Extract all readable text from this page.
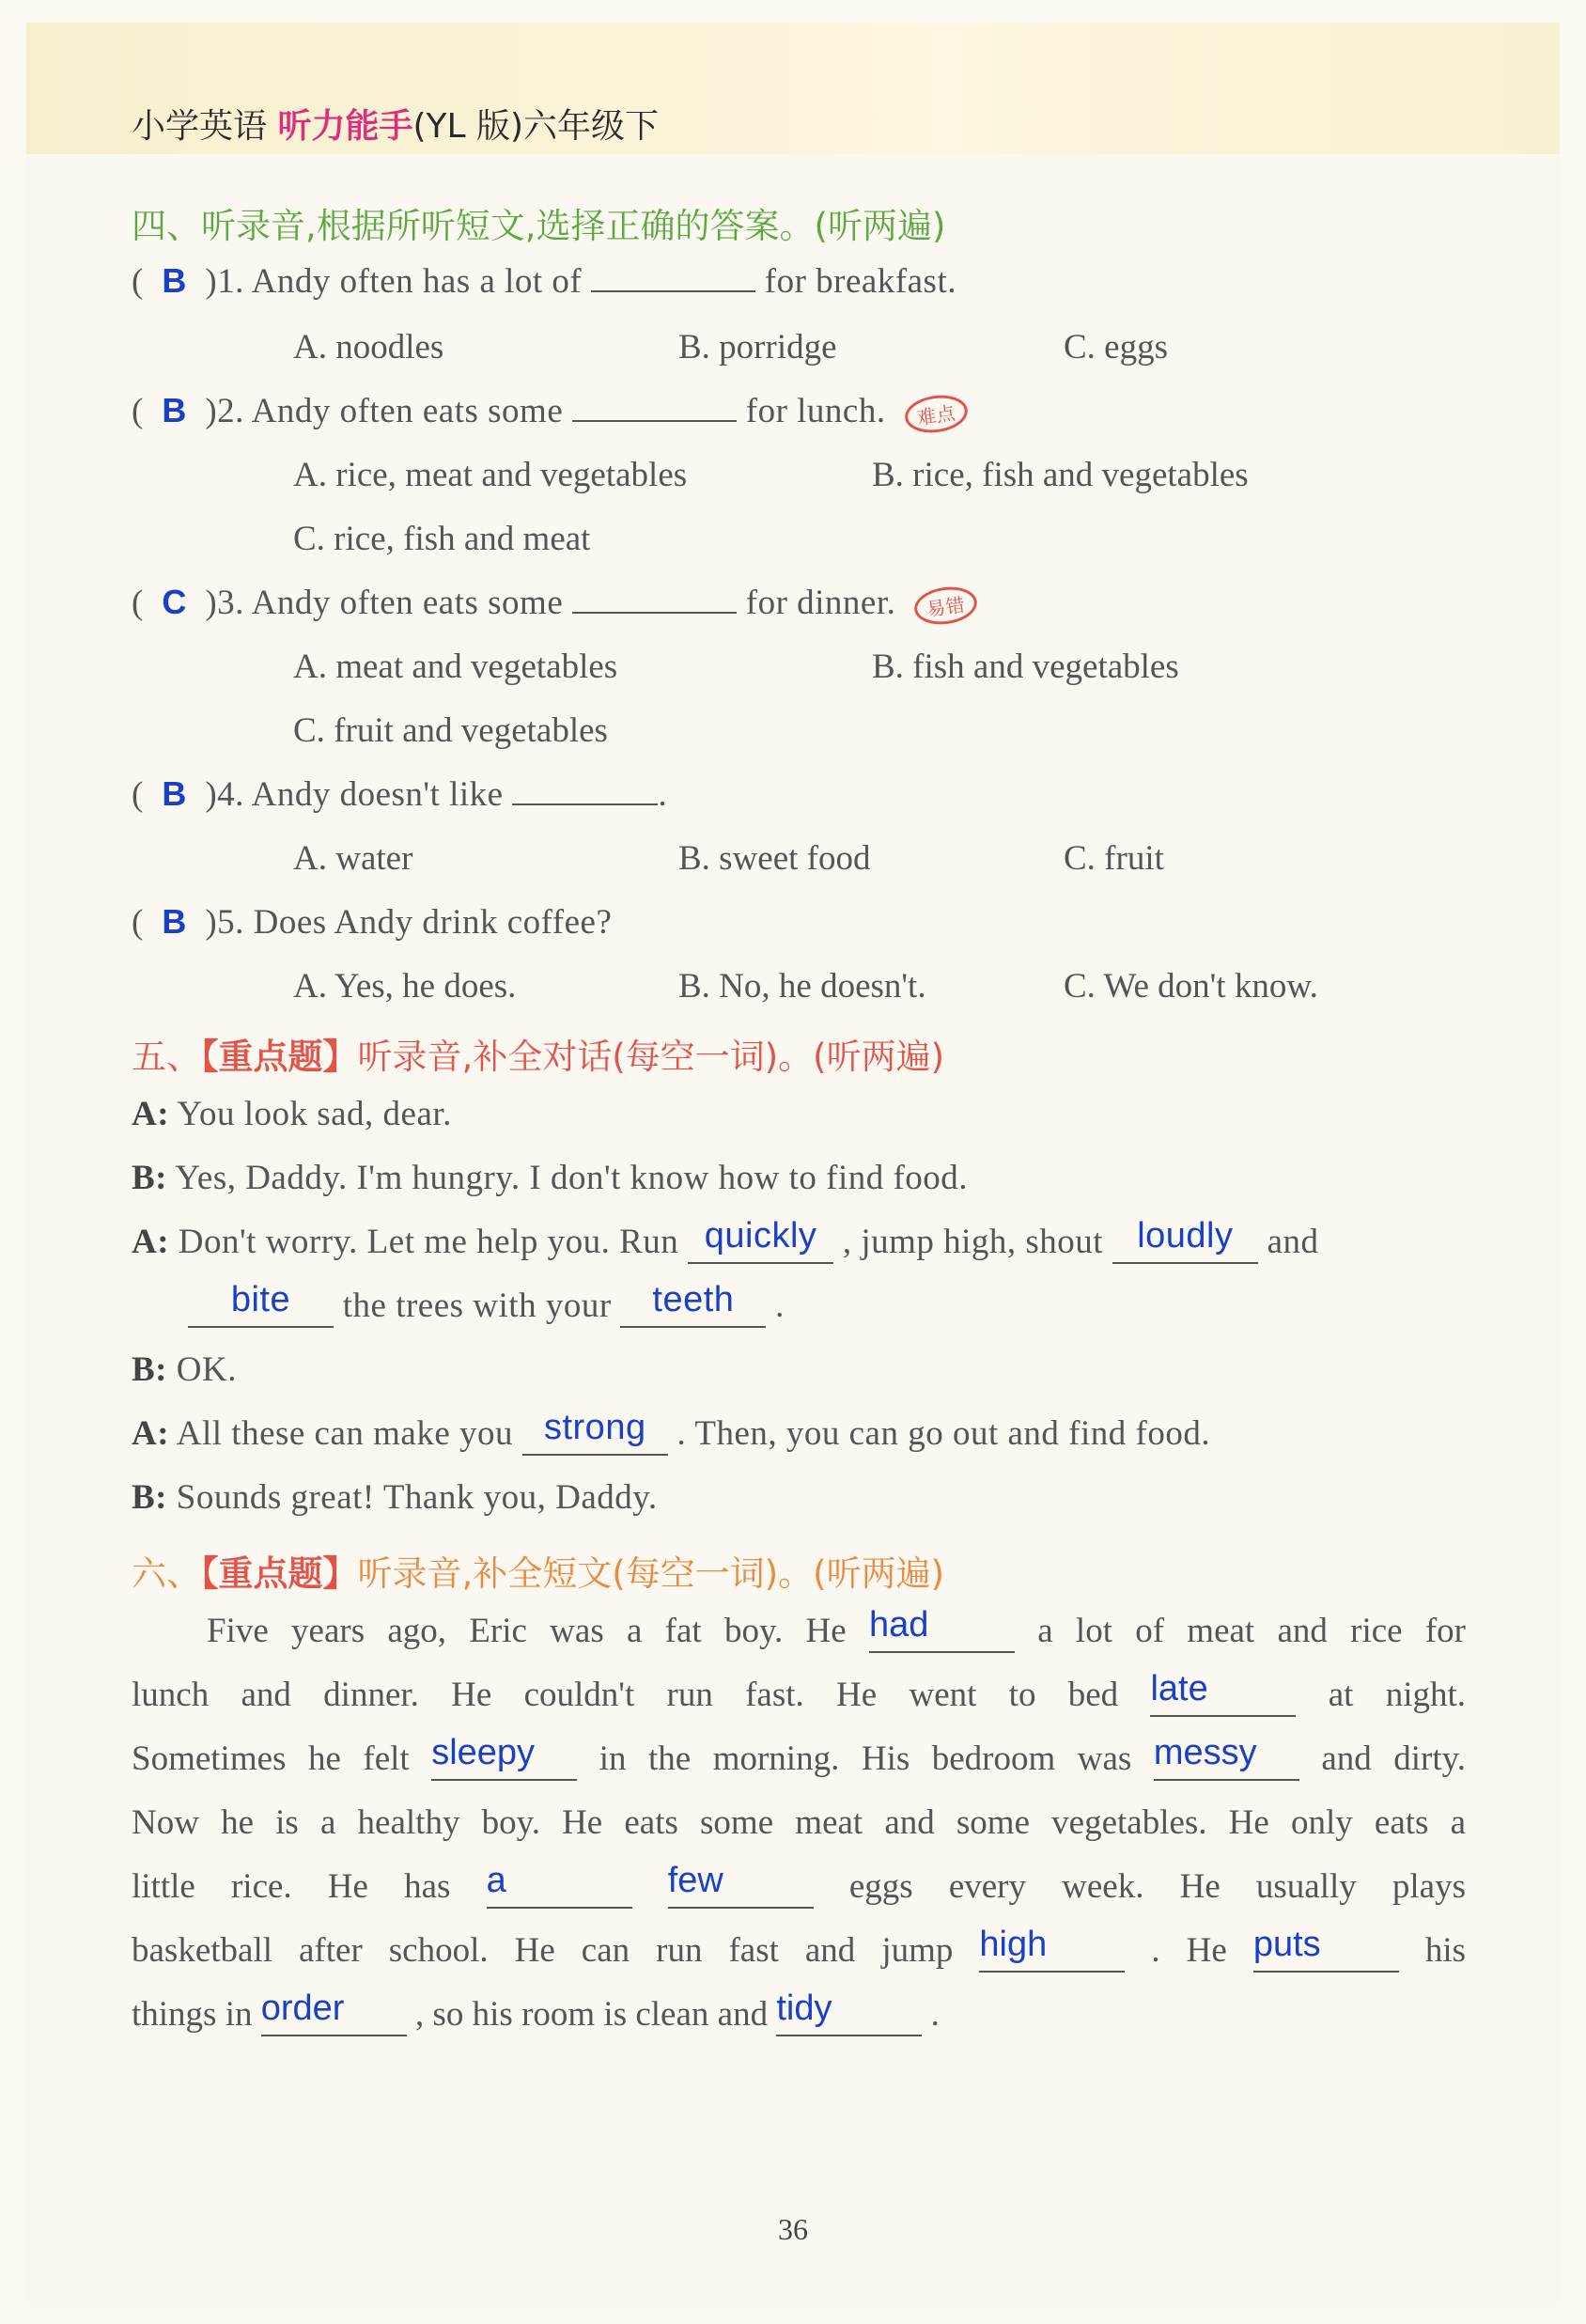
小学英语 听力能手(YL 版)六年级下
四、听录音,根据所听短文,选择正确的答案。(听两遍)
(  B )1. Andy often has a lot of	for breakfast.
A. noodles	B. porridge	C. eggs
(  B )2. Andy often eats some	for lunch. 难点
A. rice, meat and vegetables	B. rice, fish and vegetables
C. rice, fish and meat
(  C )3. Andy often eats some	for dinner. 易错
A. meat and vegetables	B. fish and vegetables
C. fruit and vegetables
(  B )4. Andy doesn't like	.
A. water	B. sweet food	C. fruit
(  B )5. Does Andy drink coffee?
A. Yes, he does.	B. No, he doesn't.	C. We don't know.
五、【重点题】听录音,补全对话(每空一词)。(听两遍)
A: You look sad, dear.
B: Yes, Daddy. I'm hungry. I don't know how to find food.
A: Don't worry. Let me help you. Run quickly , jump high, shout loudly and
bite the trees with your teeth .
B: OK.
A: All these can make you strong . Then, you can go out and find food.
B: Sounds great! Thank you, Daddy.
六、【重点题】听录音,补全短文(每空一词)。(听两遍)
Five years ago, Eric was a fat boy. He had a lot of meat and rice for
lunch and dinner. He couldn't run fast. He went to bed late	at night.
Sometimes he felt sleepy in the morning. His bedroom was messy and dirty.
Now he is a healthy boy. He eats some meat and some vegetables. He only eats a
little rice. He has a	few	eggs every week. He usually plays
basketball after school. He can run fast and jump high . He puts his
things in order , so his room is clean and tidy	.
36
